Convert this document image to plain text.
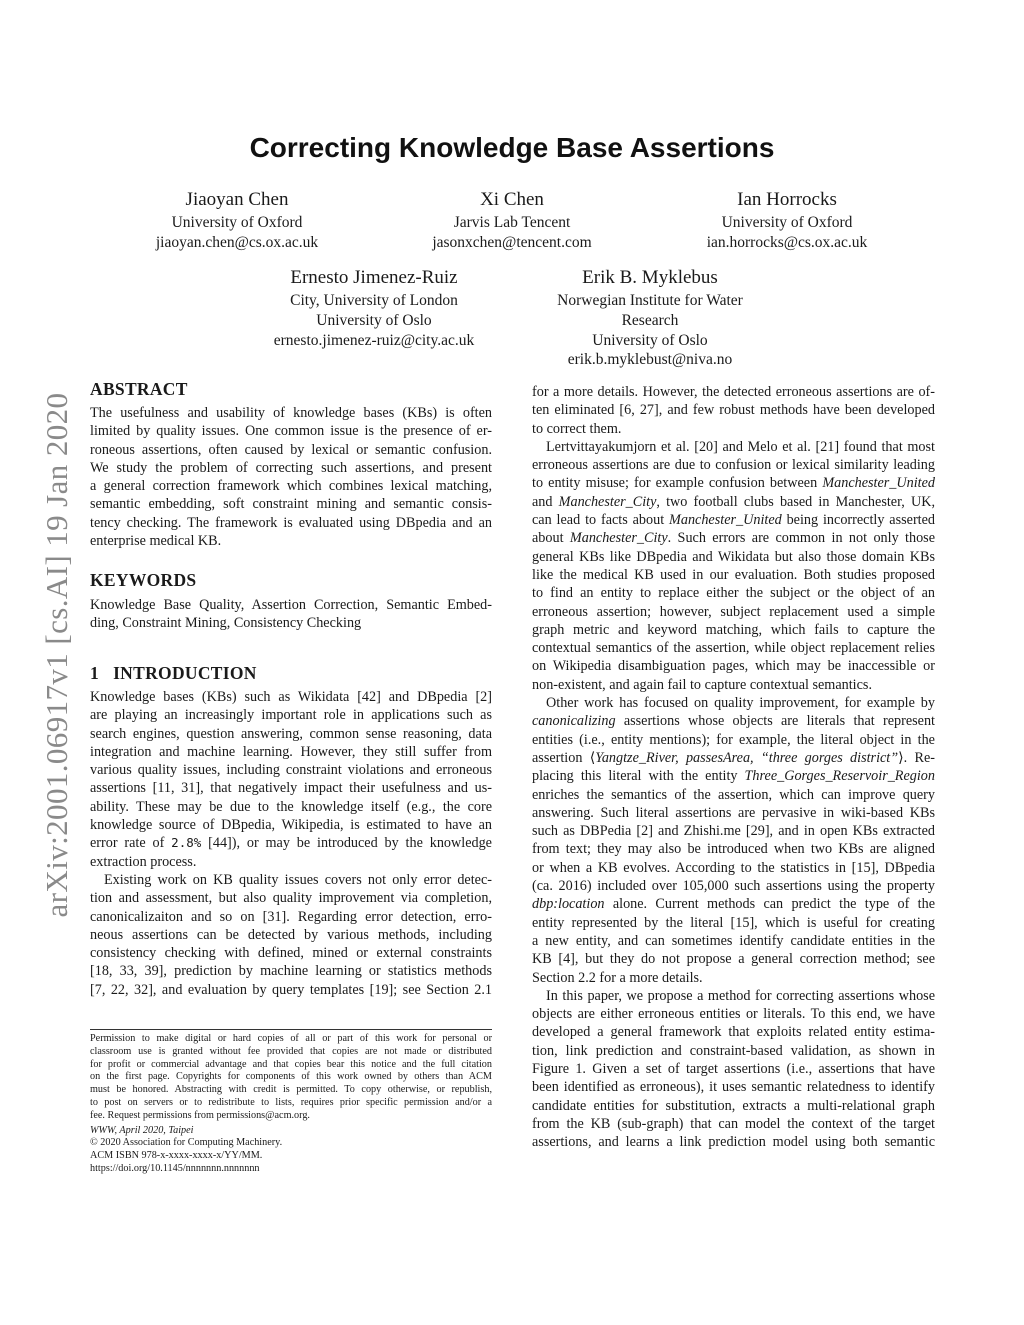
arXiv:2001.06917v1 [cs.AI] 19 Jan 2020
Correcting Knowledge Base Assertions
Jiaoyan Chen
University of Oxford
jiaoyan.chen@cs.ox.ac.uk
Xi Chen
Jarvis Lab Tencent
jasonxchen@tencent.com
Ian Horrocks
University of Oxford
ian.horrocks@cs.ox.ac.uk
Ernesto Jimenez-Ruiz
City, University of London
University of Oslo
ernesto.jimenez-ruiz@city.ac.uk
Erik B. Myklebus
Norwegian Institute for Water
Research
University of Oslo
erik.b.myklebust@niva.no
ABSTRACT
The usefulness and usability of knowledge bases (KBs) is often
limited by quality issues. One common issue is the presence of er-
roneous assertions, often caused by lexical or semantic confusion.
We study the problem of correcting such assertions, and present
a general correction framework which combines lexical matching,
semantic embedding, soft constraint mining and semantic consis-
tency checking. The framework is evaluated using DBpedia and an
enterprise medical KB.
KEYWORDS
Knowledge Base Quality, Assertion Correction, Semantic Embed-
ding, Constraint Mining, Consistency Checking
1   INTRODUCTION
Knowledge bases (KBs) such as Wikidata [42] and DBpedia [2]
are playing an increasingly important role in applications such as
search engines, question answering, common sense reasoning, data
integration and machine learning. However, they still suffer from
various quality issues, including constraint violations and erroneous
assertions [11, 31], that negatively impact their usefulness and us-
ability. These may be due to the knowledge itself (e.g., the core
knowledge source of DBpedia, Wikipedia, is estimated to have an
error rate of 2.8% [44]), or may be introduced by the knowledge
extraction process.
Existing work on KB quality issues covers not only error detec-
tion and assessment, but also quality improvement via completion,
canonicalizaiton and so on [31]. Regarding error detection, erro-
neous assertions can be detected by various methods, including
consistency checking with defined, mined or external constraints
[18, 33, 39], prediction by machine learning or statistics methods
[7, 22, 32], and evaluation by query templates [19]; see Section 2.1
Permission to make digital or hard copies of all or part of this work for personal or
classroom use is granted without fee provided that copies are not made or distributed
for profit or commercial advantage and that copies bear this notice and the full citation
on the first page. Copyrights for components of this work owned by others than ACM
must be honored. Abstracting with credit is permitted. To copy otherwise, or republish,
to post on servers or to redistribute to lists, requires prior specific permission and/or a
fee. Request permissions from permissions@acm.org.
WWW, April 2020, Taipei
© 2020 Association for Computing Machinery.
ACM ISBN 978-x-xxxx-xxxx-x/YY/MM.
https://doi.org/10.1145/nnnnnnn.nnnnnnn
for a more details. However, the detected erroneous assertions are of-
ten eliminated [6, 27], and few robust methods have been developed
to correct them.
Lertvittayakumjorn et al. [20] and Melo et al. [21] found that most
erroneous assertions are due to confusion or lexical similarity leading
to entity misuse; for example confusion between Manchester_United
and Manchester_City, two football clubs based in Manchester, UK,
can lead to facts about Manchester_United being incorrectly asserted
about Manchester_City. Such errors are common in not only those
general KBs like DBpedia and Wikidata but also those domain KBs
like the medical KB used in our evaluation. Both studies proposed
to find an entity to replace either the subject or the object of an
erroneous assertion; however, subject replacement used a simple
graph metric and keyword matching, which fails to capture the
contextual semantics of the assertion, while object replacement relies
on Wikipedia disambiguation pages, which may be inaccessible or
non-existent, and again fail to capture contextual semantics.
Other work has focused on quality improvement, for example by
canonicalizing assertions whose objects are literals that represent
entities (i.e., entity mentions); for example, the literal object in the
assertion ⟨Yangtze_River, passesArea, “three gorges district”⟩. Re-
placing this literal with the entity Three_Gorges_Reservoir_Region
enriches the semantics of the assertion, which can improve query
answering. Such literal assertions are pervasive in wiki-based KBs
such as DBPedia [2] and Zhishi.me [29], and in open KBs extracted
from text; they may also be introduced when two KBs are aligned
or when a KB evolves. According to the statistics in [15], DBpedia
(ca. 2016) included over 105,000 such assertions using the property
dbp:location alone. Current methods can predict the type of the
entity represented by the literal [15], which is useful for creating
a new entity, and can sometimes identify candidate entities in the
KB [4], but they do not propose a general correction method; see
Section 2.2 for a more details.
In this paper, we propose a method for correcting assertions whose
objects are either erroneous entities or literals. To this end, we have
developed a general framework that exploits related entity estima-
tion, link prediction and constraint-based validation, as shown in
Figure 1. Given a set of target assertions (i.e., assertions that have
been identified as erroneous), it uses semantic relatedness to identify
candidate entities for substitution, extracts a multi-relational graph
from the KB (sub-graph) that can model the context of the target
assertions, and learns a link prediction model using both semantic
